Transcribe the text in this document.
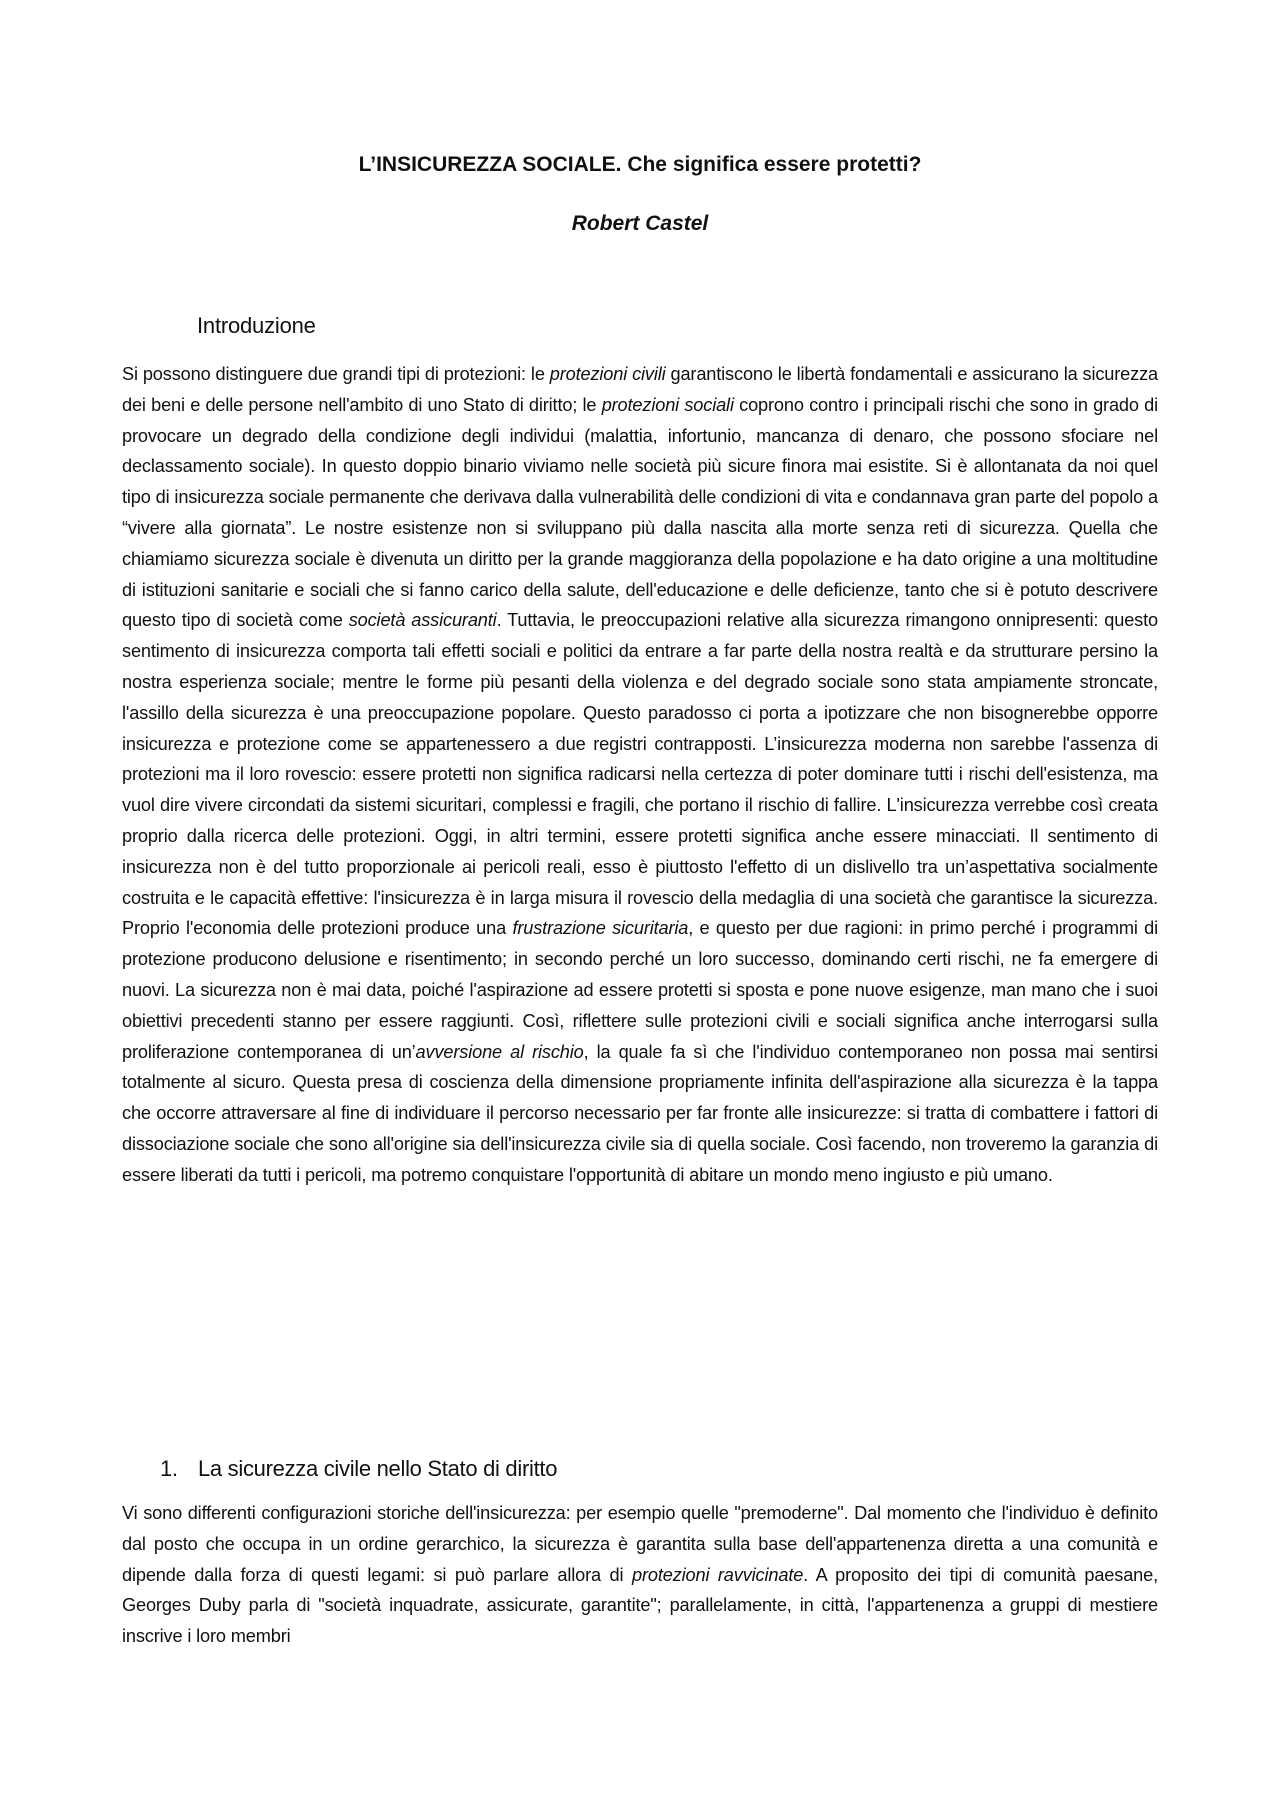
L’INSICUREZZA SOCIALE. Che significa essere protetti?
Robert Castel
Introduzione

Si possono distinguere due grandi tipi di protezioni: le protezioni civili garantiscono le libertà fondamentali e assicurano la sicurezza dei beni e delle persone nell'ambito di uno Stato di diritto; le protezioni sociali coprono contro i principali rischi che sono in grado di provocare un degrado della condizione degli individui (malattia, infortunio, mancanza di denaro, che possono sfociare nel declassamento sociale). In questo doppio binario viviamo nelle società più sicure finora mai esistite. Si è allontanata da noi quel tipo di insicurezza sociale permanente che derivava dalla vulnerabilità delle condizioni di vita e condannava gran parte del popolo a “vivere alla giornata”. Le nostre esistenze non si sviluppano più dalla nascita alla morte senza reti di sicurezza. Quella che chiamiamo sicurezza sociale è divenuta un diritto per la grande maggioranza della popolazione e ha dato origine a una moltitudine di istituzioni sanitarie e sociali che si fanno carico della salute, dell'educazione e delle deficienze, tanto che si è potuto descrivere questo tipo di società come società assicuranti. Tuttavia, le preoccupazioni relative alla sicurezza rimangono onnipresenti: questo sentimento di insicurezza comporta tali effetti sociali e politici da entrare a far parte della nostra realtà e da strutturare persino la nostra esperienza sociale; mentre le forme più pesanti della violenza e del degrado sociale sono stata ampiamente stroncate, l'assillo della sicurezza è una preoccupazione popolare. Questo paradosso ci porta a ipotizzare che non bisognerebbe opporre insicurezza e protezione come se appartenessero a due registri contrapposti. L’insicurezza moderna non sarebbe l'assenza di protezioni ma il loro rovescio: essere protetti non significa radicarsi nella certezza di poter dominare tutti i rischi dell'esistenza, ma vuol dire vivere circondati da sistemi sicuritari, complessi e fragili, che portano il rischio di fallire. L'insicurezza verrebbe così creata proprio dalla ricerca delle protezioni. Oggi, in altri termini, essere protetti significa anche essere minacciati. Il sentimento di insicurezza non è del tutto proporzionale ai pericoli reali, esso è piuttosto l'effetto di un dislivello tra un’aspettativa socialmente costruita e le capacità effettive: l'insicurezza è in larga misura il rovescio della medaglia di una società che garantisce la sicurezza. Proprio l'economia delle protezioni produce una frustrazione sicuritaria, e questo per due ragioni: in primo perché i programmi di protezione producono delusione e risentimento; in secondo perché un loro successo, dominando certi rischi, ne fa emergere di nuovi. La sicurezza non è mai data, poiché l'aspirazione ad essere protetti si sposta e pone nuove esigenze, man mano che i suoi obiettivi precedenti stanno per essere raggiunti. Così, riflettere sulle protezioni civili e sociali significa anche interrogarsi sulla proliferazione contemporanea di un’avversione al rischio, la quale fa sì che l'individuo contemporaneo non possa mai sentirsi totalmente al sicuro. Questa presa di coscienza della dimensione propriamente infinita dell'aspirazione alla sicurezza è la tappa che occorre attraversare al fine di individuare il percorso necessario per far fronte alle insicurezze: si tratta di combattere i fattori di dissociazione sociale che sono all'origine sia dell'insicurezza civile sia di quella sociale. Così facendo, non troveremo la garanzia di essere liberati da tutti i pericoli, ma potremo conquistare l'opportunità di abitare un mondo meno ingiusto e più umano.

1. La sicurezza civile nello Stato di diritto

Vi sono differenti configurazioni storiche dell'insicurezza: per esempio quelle "premoderne". Dal momento che l'individuo è definito dal posto che occupa in un ordine gerarchico, la sicurezza è garantita sulla base dell'appartenenza diretta a una comunità e dipende dalla forza di questi legami: si può parlare allora di protezioni ravvicinate. A proposito dei tipi di comunità paesane, Georges Duby parla di "società inquadrate, assicurate, garantite"; parallelamente, in città, l'appartenenza a gruppi di mestiere inscrive i loro membri
